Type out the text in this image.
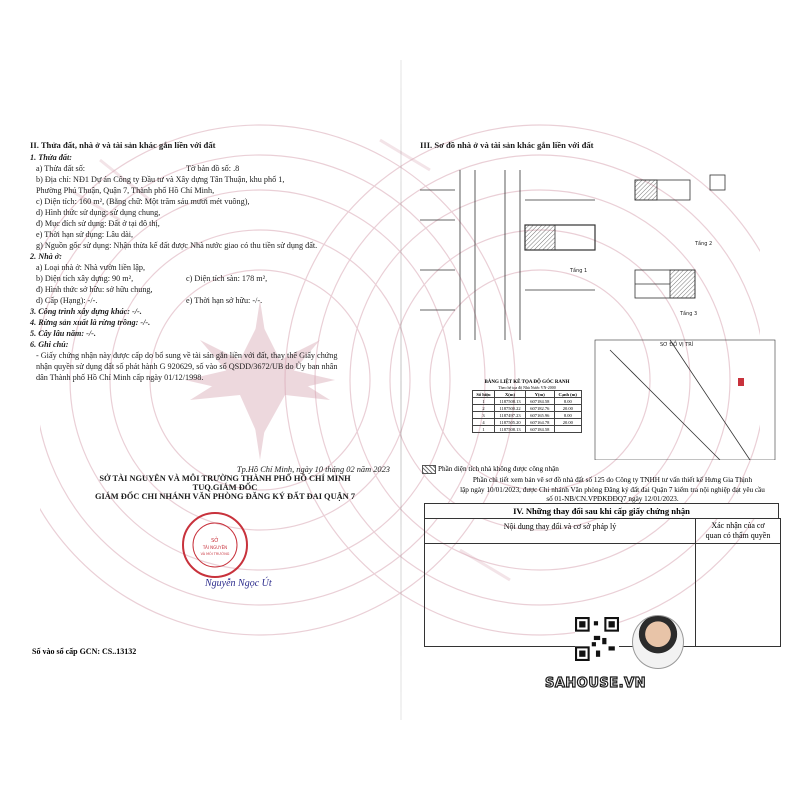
II. Thửa đất, nhà ở và tài sản khác gắn liền với đất
1. Thửa đất:
a) Thửa đất số:	Tờ bản đồ số: .8
b) Địa chỉ: NĐ1 Dự án Công ty Đầu tư và Xây dựng Tân Thuận, khu phố 1,
Phường Phú Thuận, Quận 7, Thành phố Hồ Chí Minh,
c) Diện tích: 160 m², (Bằng chữ: Một trăm sáu mươi mét vuông),
d) Hình thức sử dụng: sử dụng chung,
đ) Mục đích sử dụng: Đất ở tại đô thị,
e) Thời hạn sử dụng: Lâu dài,
g) Nguồn gốc sử dụng: Nhận thừa kế đất được Nhà nước giao có thu tiền sử dụng đất.
2. Nhà ở:
a) Loại nhà ở: Nhà vườn liền lập,
b) Diện tích xây dựng: 90 m²,	c) Diện tích sàn: 178 m²,
đ) Hình thức sở hữu: sở hữu chung,
d) Cấp (Hạng): -/-.	e) Thời hạn sở hữu: -/-.
3. Công trình xây dựng khác: -/-.
4. Rừng sản xuất là rừng trồng: -/-.
5. Cây lâu năm: -/-.
6. Ghi chú:
- Giấy chứng nhận này được cấp do bổ sung về tài sản gắn liền với đất, thay thế Giấy chứng
nhận quyền sử dụng đất số phát hành G 920629, số vào sổ QSDD/3672/UB do Ủy ban nhân
dân Thành phố Hồ Chí Minh cấp ngày 01/12/1998.
Tp.Hồ Chí Minh, ngày 10 tháng 02 năm 2023
SỞ TÀI NGUYÊN VÀ MÔI TRƯỜNG THÀNH PHỐ HỒ CHÍ MINH
TUQ.GIÁM ĐỐC
GIÁM ĐỐC CHI NHÁNH VĂN PHÒNG ĐĂNG KÝ ĐẤT ĐAI QUẬN 7
SỞ
TÀI NGUYÊN
VÀ MÔI TRƯỜNG
Nguyễn Ngọc Út
Số vào sổ cấp GCN: CS..13132
III. Sơ đồ nhà ở và tài sản khác gắn liền với đất
Tầng 1
Tầng 2
Tầng 3
SƠ ĐỒ VỊ TRÍ
BẢNG LIỆT KÊ TỌA ĐỘ GÓC RANH
Theo hệ tọa độ Nhà Nước VN-2000
Số hiệu	X(m)	Y(m)	Cạnh (m)
1	1187508.13	607184.58	8.00
2	1187500.22	607182.76	20.00
3	1187497.23	607165.96	8.00
4	1187505.20	607164.78	20.00
1	1187508.13	607184.58	
Phần diện tích nhà không được công nhận
Phần chi tiết xem bản vẽ sơ đồ nhà đất số 125 do Công ty TNHH tư vấn thiết kế Hưng Gia Thịnh
lập ngày 10/01/2023, được Chi nhánh Văn phòng Đăng ký đất đai Quận 7 kiểm tra nội nghiệp đạt yêu cầu
số 01-NB/CN.VPĐKĐĐQ7 ngày 12/01/2023.
IV. Những thay đổi sau khi cấp giấy chứng nhận
Nội dung thay đổi và cơ sở pháp lý	Xác nhận của cơ
quan có thẩm quyền
SAHOUSE.VN
